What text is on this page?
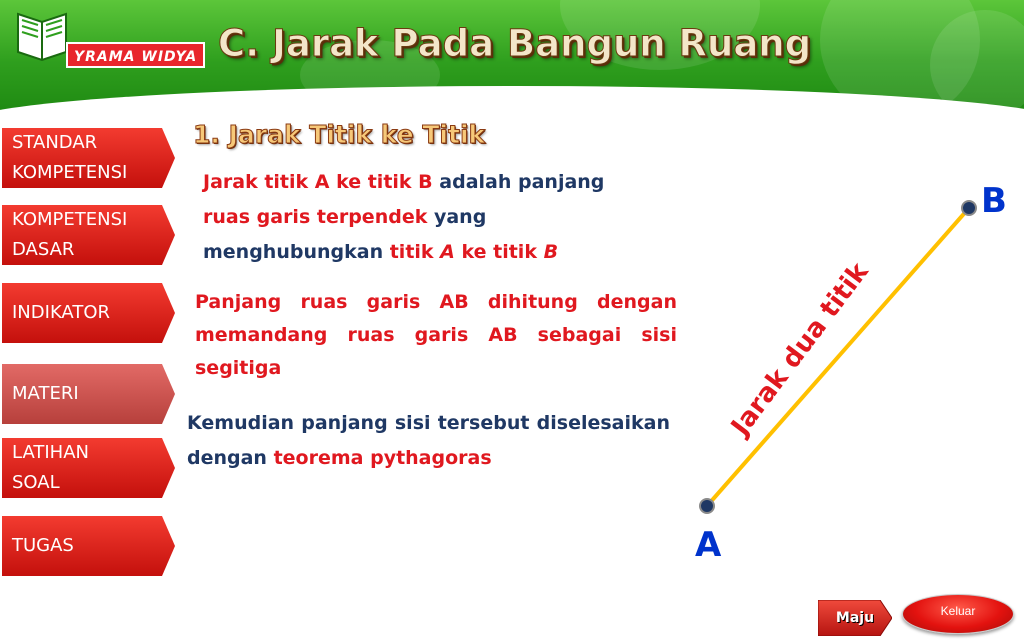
YRAMA WIDYA C. Jarak Pada Bangun Ruang
STANDAR
KOMPETENSI
KOMPETENSI
DASAR
INDIKATOR
MATERI
LATIHAN
SOAL
TUGAS
1. Jarak Titik ke Titik
Jarak titik A ke titik B adalah panjang
ruas garis terpendek yang
menghubungkan titik A ke titik B
Panjang ruas garis AB dihitung dengan memandang ruas garis AB sebagai sisi segitiga
Kemudian panjang sisi tersebut diselesaikan dengan teorema pythagoras
A
B
Jarak dua titik
Maju	Keluar
